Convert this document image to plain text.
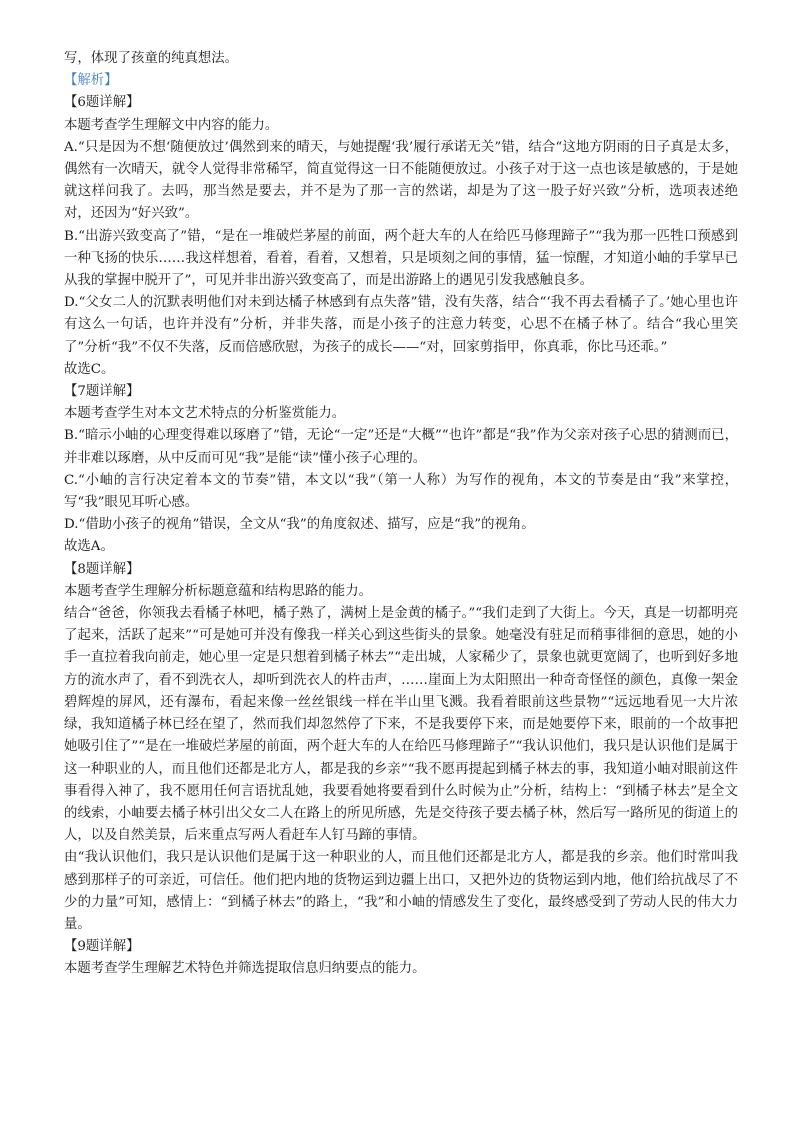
写，体现了孩童的纯真想法。

【解析】

【6题详解】

本题考查学生理解文中内容的能力。

A.“只是因为不想‘随便放过’偶然到来的晴天，与她提醒‘我’履行承诺无关”错，结合“这地方阴雨的日子真是太多，偶然有一次晴天，就令人觉得非常稀罕，简直觉得这一日不能随便放过。小孩子对于这一点也该是敏感的，于是她就这样问我了。去吗，那当然是要去，并不是为了那一言的然诺，却是为了这一股子好兴致”分析，选项表述绝对，还因为“好兴致”。

B.“出游兴致变高了”错，“是在一堆破烂茅屋的前面，两个赶大车的人在给匹马修理蹄子”“我为那一匹牲口预感到一种飞扬的快乐……我这样想着，看着，看着，又想着，只是顷刻之间的事情，猛一惊醒，才知道小岫的手掌早已从我的掌握中脱开了”，可见并非出游兴致变高了，而是出游路上的遇见引发我感触良多。

D.“父女二人的沉默表明他们对未到达橘子林感到有点失落”错，没有失落，结合“‘我不再去看橘子了。’她心里也许有这么一句话，也许并没有”分析，并非失落，而是小孩子的注意力转变，心思不在橘子林了。结合“我心里笑了”分析“我”不仅不失落，反而倍感欣慰，为孩子的成长——“对，回家剪指甲，你真乖，你比马还乖。”

故选C。

【7题详解】

本题考查学生对本文艺术特点的分析鉴赏能力。

B.“暗示小岫的心理变得难以琢磨了”错，无论“一定”还是“大概”“也许”都是“我”作为父亲对孩子心思的猜测而已，并非难以琢磨，从中反而可见“我”是能“读”懂小孩子心理的。

C.“小岫的言行决定着本文的节奏”错，本文以“我”（第一人称）为写作的视角，本文的节奏是由“我”来掌控，写“我”眼见耳听心感。

D.“借助小孩子的视角”错误，全文从“我”的角度叙述、描写，应是“我”的视角。

故选A。

【8题详解】

本题考查学生理解分析标题意蕴和结构思路的能力。

结合“爸爸，你领我去看橘子林吧，橘子熟了，满树上是金黄的橘子。”“我们走到了大街上。今天，真是一切都明亮了起来，活跃了起来”“可是她可并没有像我一样关心到这些街头的景象。她毫没有驻足而稍事徘徊的意思，她的小手一直拉着我向前走，她心里一定是只想着到橘子林去”“走出城，人家稀少了，景象也就更宽阔了，也听到好多地方的流水声了，看不到洗衣人，却听到洗衣人的杵击声，……崖面上为太阳照出一种奇奇怪怪的颜色，真像一架金碧辉煌的屏风，还有瀑布，看起来像一丝丝银线一样在半山里飞溅。我看着眼前这些景物”“远远地看见一大片浓绿，我知道橘子林已经在望了，然而我们却忽然停了下来，不是我要停下来，而是她要停下来，眼前的一个故事把她吸引住了”“是在一堆破烂茅屋的前面，两个赶大车的人在给匹马修理蹄子”“我认识他们，我只是认识他们是属于这一种职业的人，而且他们还都是北方人，都是我的乡亲”“我不愿再提起到橘子林去的事，我知道小岫对眼前这件事看得入神了，我不愿用任何言语扰乱她，我要看她将要看到什么时候为止”分析，结构上：“到橘子林去”是全文的线索，小岫要去橘子林引出父女二人在路上的所见所感，先是交待孩子要去橘子林，然后写一路所见的街道上的人，以及自然美景，后来重点写两人看赶车人钉马蹄的事情。

由“我认识他们，我只是认识他们是属于这一种职业的人，而且他们还都是北方人，都是我的乡亲。他们时常叫我感到那样子的可亲近，可信任。他们把内地的货物运到边疆上出口，又把外边的货物运到内地，他们给抗战尽了不少的力量”可知，感情上：“到橘子林去”的路上，“我”和小岫的情感发生了变化，最终感受到了劳动人民的伟大力量。

【9题详解】

本题考查学生理解艺术特色并筛选提取信息归纳要点的能力。
